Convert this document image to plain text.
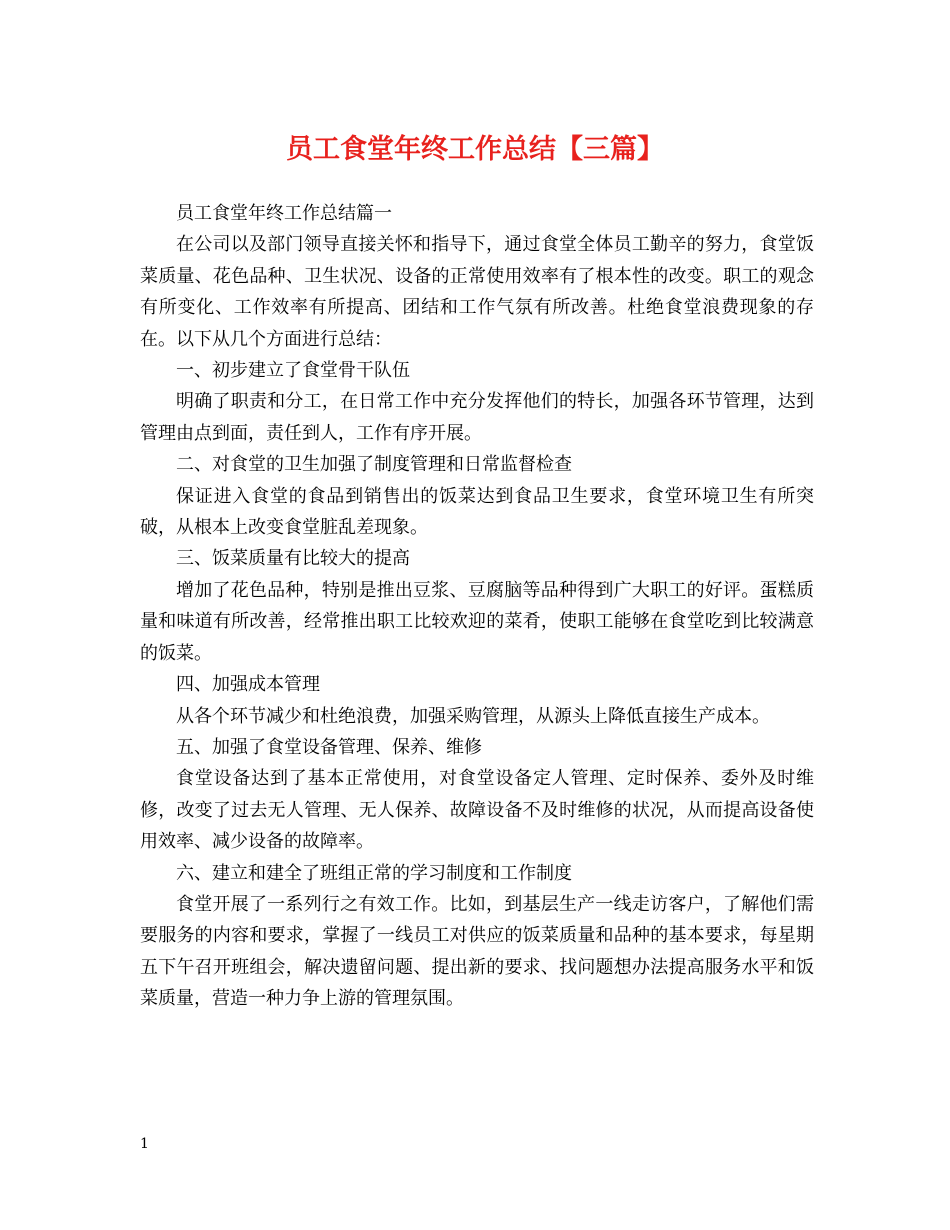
员工食堂年终工作总结【三篇】

员工食堂年终工作总结篇一

在公司以及部门领导直接关怀和指导下，通过食堂全体员工勤辛的努力，食堂饭菜质量、花色品种、卫生状况、设备的正常使用效率有了根本性的改变。职工的观念有所变化、工作效率有所提高、团结和工作气氛有所改善。杜绝食堂浪费现象的存在。以下从几个方面进行总结：

一、初步建立了食堂骨干队伍

明确了职责和分工，在日常工作中充分发挥他们的特长，加强各环节管理，达到管理由点到面，责任到人，工作有序开展。

二、对食堂的卫生加强了制度管理和日常监督检查

保证进入食堂的食品到销售出的饭菜达到食品卫生要求，食堂环境卫生有所突破，从根本上改变食堂脏乱差现象。

三、饭菜质量有比较大的提高

增加了花色品种，特别是推出豆浆、豆腐脑等品种得到广大职工的好评。蛋糕质量和味道有所改善，经常推出职工比较欢迎的菜肴，使职工能够在食堂吃到比较满意的饭菜。

四、加强成本管理

从各个环节减少和杜绝浪费，加强采购管理，从源头上降低直接生产成本。

五、加强了食堂设备管理、保养、维修

食堂设备达到了基本正常使用，对食堂设备定人管理、定时保养、委外及时维修，改变了过去无人管理、无人保养、故障设备不及时维修的状况，从而提高设备使用效率、减少设备的故障率。

六、建立和建全了班组正常的学习制度和工作制度

食堂开展了一系列行之有效工作。比如，到基层生产一线走访客户，了解他们需要服务的内容和要求，掌握了一线员工对供应的饭菜质量和品种的基本要求，每星期五下午召开班组会，解决遗留问题、提出新的要求、找问题想办法提高服务水平和饭菜质量，营造一种力争上游的管理氛围。

1
